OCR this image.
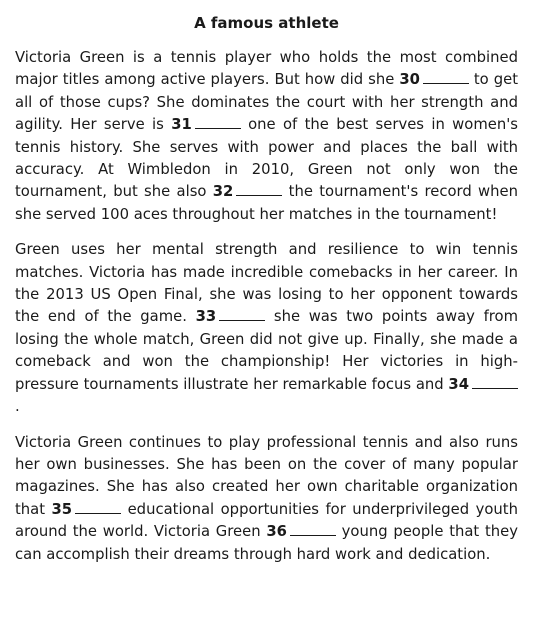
A famous athlete

Victoria Green is a tennis player who holds the most combined major titles among active players. But how did she 30	to get all of those cups? She dominates the court with her strength and agility. Her serve is 31	one of the best serves in women's tennis history. She serves with power and places the ball with accuracy. At Wimbledon in 2010, Green not only won the tournament, but she also 32	the tournament's record when she served 100 aces throughout her matches in the tournament!

Green uses her mental strength and resilience to win tennis matches. Victoria has made incredible comebacks in her career. In the 2013 US Open Final, she was losing to her opponent towards the end of the game. 33	she was two points away from losing the whole match, Green did not give up. Finally, she made a comeback and won the championship! Her victories in high-pressure tournaments illustrate her remarkable focus and 34.

Victoria Green continues to play professional tennis and also runs her own businesses. She has been on the cover of many popular magazines. She has also created her own charitable organization that 35	educational opportunities for underprivileged youth around the world. Victoria Green 36	young people that they can accomplish their dreams through hard work and dedication.
